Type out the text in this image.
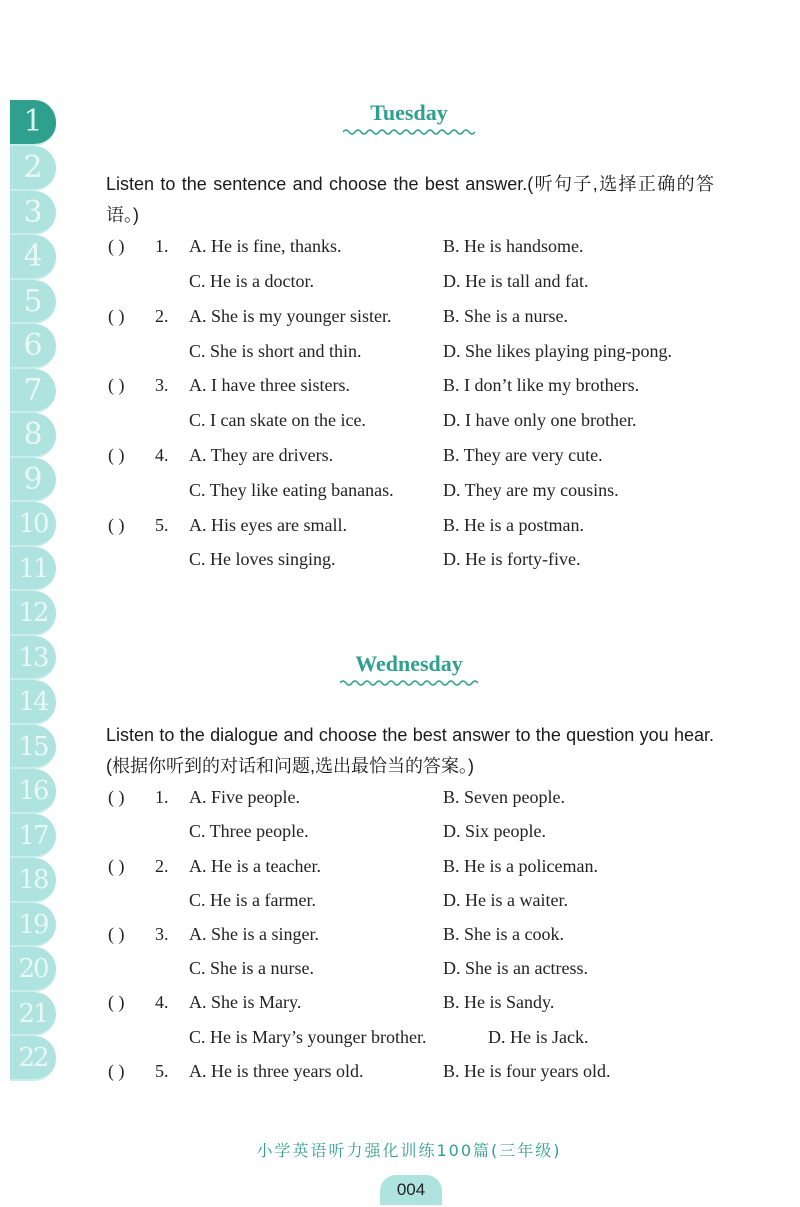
1
2
3
4
5
6
7
8
9
10
11
12
13
14
15
16
17
18
19
20
21
22
Tuesday
Listen to the sentence and choose the best answer.(听句子,选择正确的答语。)
( ) 1. A. He is fine, thanks.	B. He is handsome.
C. He is a doctor.	D. He is tall and fat.
( ) 2. A. She is my younger sister.	B. She is a nurse.
C. She is short and thin.	D. She likes playing ping-pong.
( ) 3. A. I have three sisters.	B. I don’t like my brothers.
C. I can skate on the ice.	D. I have only one brother.
( ) 4. A. They are drivers.	B. They are very cute.
C. They like eating bananas.	D. They are my cousins.
( ) 5. A. His eyes are small.	B. He is a postman.
C. He loves singing.	D. He is forty-five.
Wednesday
Listen to the dialogue and choose the best answer to the question you hear. (根据你听到的对话和问题,选出最恰当的答案。)
( ) 1. A. Five people.	B. Seven people.
C. Three people.	D. Six people.
( ) 2. A. He is a teacher.	B. He is a policeman.
C. He is a farmer.	D. He is a waiter.
( ) 3. A. She is a singer.	B. She is a cook.
C. She is a nurse.	D. She is an actress.
( ) 4. A. She is Mary.	B. He is Sandy.
C. He is Mary’s younger brother.	D. He is Jack.
( ) 5. A. He is three years old.	B. He is four years old.
小学英语听力强化训练100篇(三年级)
004
